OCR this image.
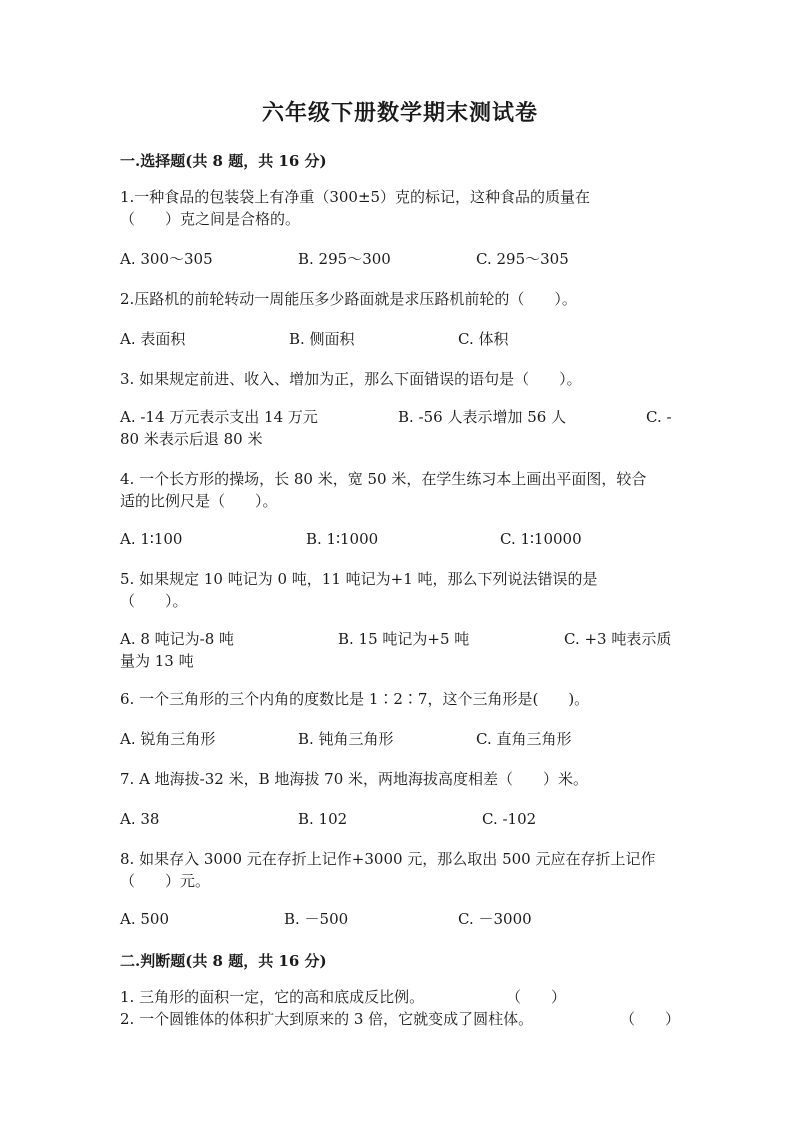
六年级下册数学期末测试卷
一.选择题(共 8 题，共 16 分)
1.一种食品的包装袋上有净重（300±5）克的标记，这种食品的质量在
（　　）克之间是合格的。
A. 300～305	B. 295～300	C. 295～305
2.压路机的前轮转动一周能压多少路面就是求压路机前轮的（　　）。
A. 表面积	B. 侧面积	C. 体积
3. 如果规定前进、收入、增加为正，那么下面错误的语句是（　　）。
A. -14 万元表示支出 14 万元	B. -56 人表示增加 56 人	C. -
80 米表示后退 80 米
4. 一个长方形的操场，长 80 米，宽 50 米，在学生练习本上画出平面图，较合
适的比例尺是（　　）。
A. 1∶100	B. 1∶1000	C. 1∶10000
5. 如果规定 10 吨记为 0 吨，11 吨记为+1 吨，那么下列说法错误的是
（　　）。
A. 8 吨记为-8 吨	B. 15 吨记为+5 吨	C. +3 吨表示质
量为 13 吨
6. 一个三角形的三个内角的度数比是 1∶2∶7，这个三角形是(　　)。
A. 锐角三角形	B. 钝角三角形	C. 直角三角形
7. A 地海拔-32 米，B 地海拔 70 米，两地海拔高度相差（　　）米。
A. 38	B. 102	C. -102
8. 如果存入 3000 元在存折上记作+3000 元，那么取出 500 元应在存折上记作
（　　）元。
A. 500	B. －500	C. －3000
二.判断题(共 8 题，共 16 分)
1. 三角形的面积一定，它的高和底成反比例。	（　　）
2. 一个圆锥体的体积扩大到原来的 3 倍，它就变成了圆柱体。	（　　）
